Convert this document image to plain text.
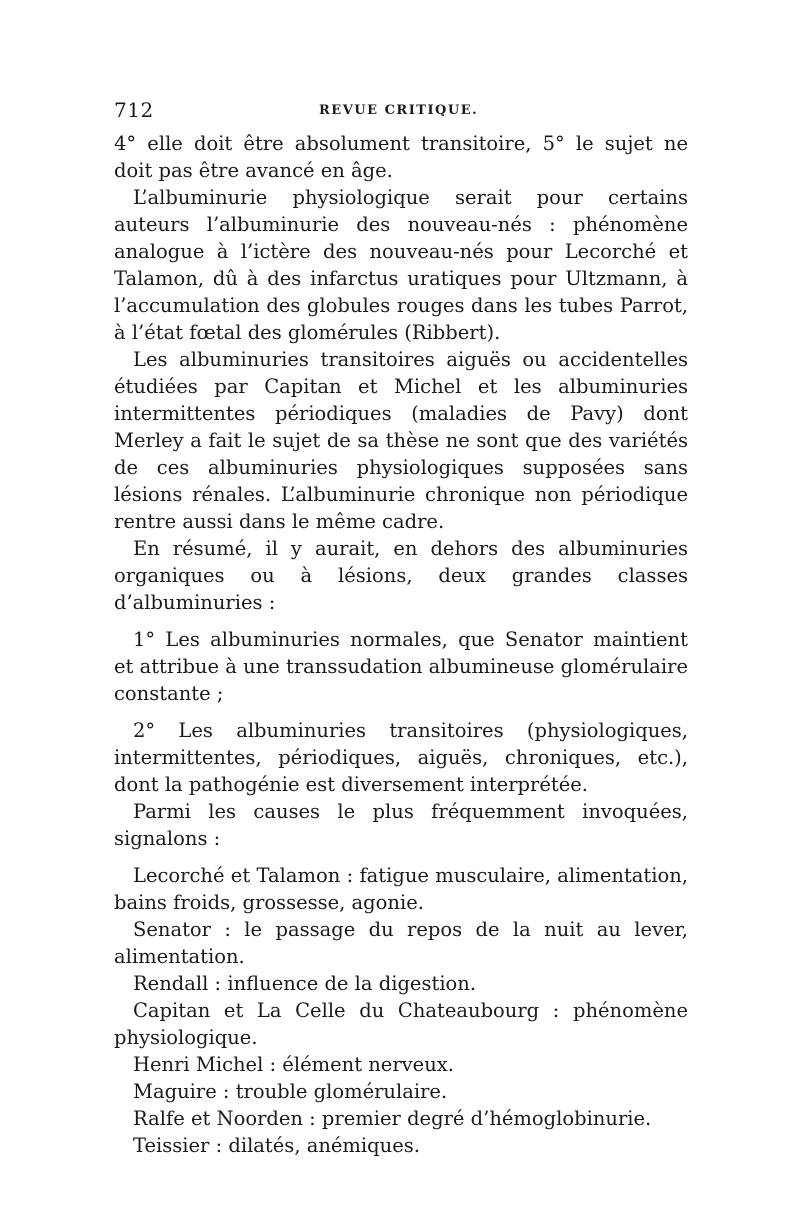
712	REVUE CRITIQUE.

4° elle doit être absolument transitoire, 5° le sujet ne doit pas être avancé en âge.

L’albuminurie physiologique serait pour certains auteurs l’albuminurie des nouveau-nés : phénomène analogue à l’ictère des nouveau-nés pour Lecorché et Talamon, dû à des infarctus uratiques pour Ultzmann, à l’accumulation des globules rouges dans les tubes Parrot, à l’état fœtal des glomérules (Ribbert).

Les albuminuries transitoires aiguës ou accidentelles étudiées par Capitan et Michel et les albuminuries intermittentes périodiques (maladies de Pavy) dont Merley a fait le sujet de sa thèse ne sont que des variétés de ces albuminuries physiologiques supposées sans lésions rénales. L’albuminurie chronique non périodique rentre aussi dans le même cadre.

En résumé, il y aurait, en dehors des albuminuries organiques ou à lésions, deux grandes classes d’albuminuries :

1° Les albuminuries normales, que Senator maintient et attribue à une transsudation albumineuse glomérulaire constante ;

2° Les albuminuries transitoires (physiologiques, intermittentes, périodiques, aiguës, chroniques, etc.), dont la pathogénie est diversement interprétée.

Parmi les causes le plus fréquemment invoquées, signalons :

Lecorché et Talamon : fatigue musculaire, alimentation, bains froids, grossesse, agonie.

Senator : le passage du repos de la nuit au lever, alimentation.

Rendall : influence de la digestion.

Capitan et La Celle du Chateaubourg : phénomène physiologique.

Henri Michel : élément nerveux.

Maguire : trouble glomérulaire.

Ralfe et Noorden : premier degré d’hémoglobinurie.

Teissier : dilatés, anémiques.
